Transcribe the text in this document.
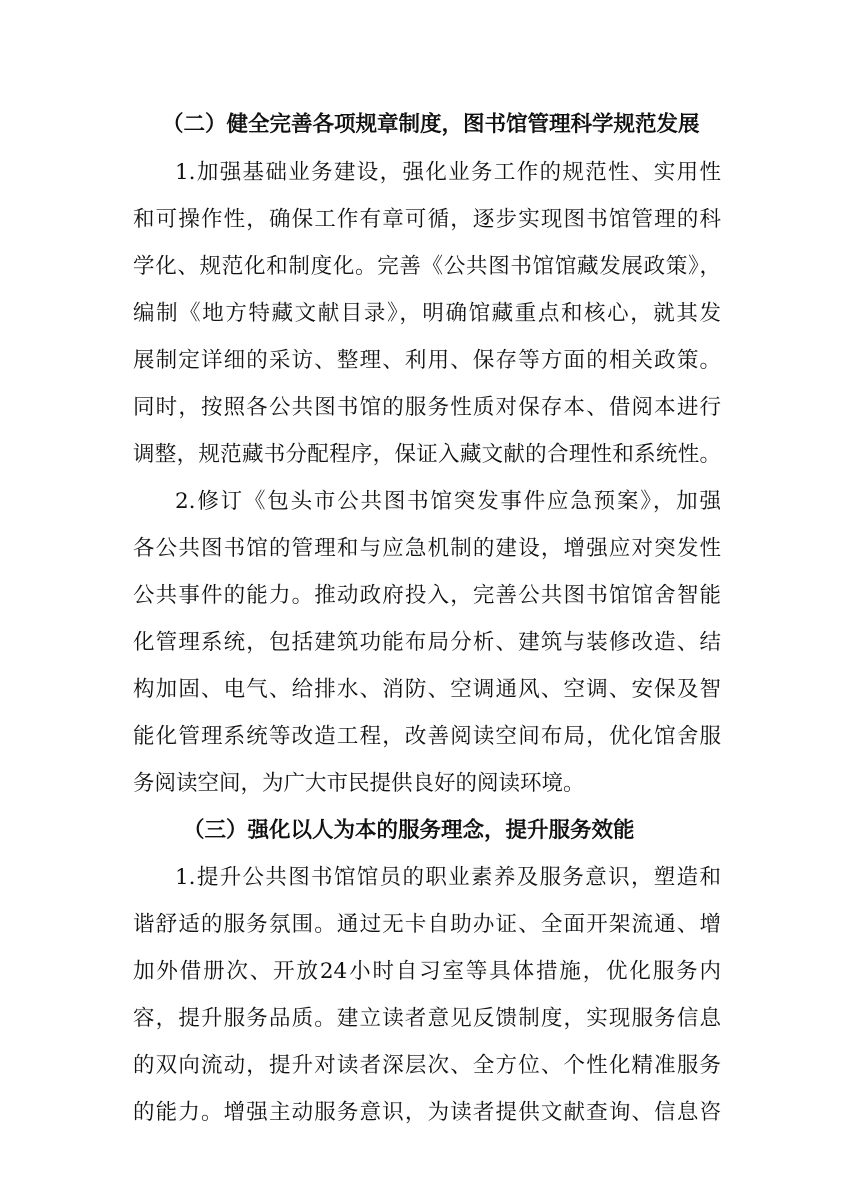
（二）健全完善各项规章制度，图书馆管理科学规范发展
1.加强基础业务建设，强化业务工作的规范性、实用性
和可操作性，确保工作有章可循，逐步实现图书馆管理的科
学化、规范化和制度化。完善《公共图书馆馆藏发展政策》，
编制《地方特藏文献目录》，明确馆藏重点和核心，就其发
展制定详细的采访、整理、利用、保存等方面的相关政策。
同时，按照各公共图书馆的服务性质对保存本、借阅本进行
调整，规范藏书分配程序，保证入藏文献的合理性和系统性。
2.修订《包头市公共图书馆突发事件应急预案》，加强
各公共图书馆的管理和与应急机制的建设，增强应对突发性
公共事件的能力。推动政府投入，完善公共图书馆馆舍智能
化管理系统，包括建筑功能布局分析、建筑与装修改造、结
构加固、电气、给排水、消防、空调通风、空调、安保及智
能化管理系统等改造工程，改善阅读空间布局，优化馆舍服
务阅读空间，为广大市民提供良好的阅读环境。
（三）强化以人为本的服务理念，提升服务效能
1.提升公共图书馆馆员的职业素养及服务意识，塑造和
谐舒适的服务氛围。通过无卡自助办证、全面开架流通、增
加外借册次、开放24小时自习室等具体措施，优化服务内
容，提升服务品质。建立读者意见反馈制度，实现服务信息
的双向流动，提升对读者深层次、全方位、个性化精准服务
的能力。增强主动服务意识，为读者提供文献查询、信息咨
